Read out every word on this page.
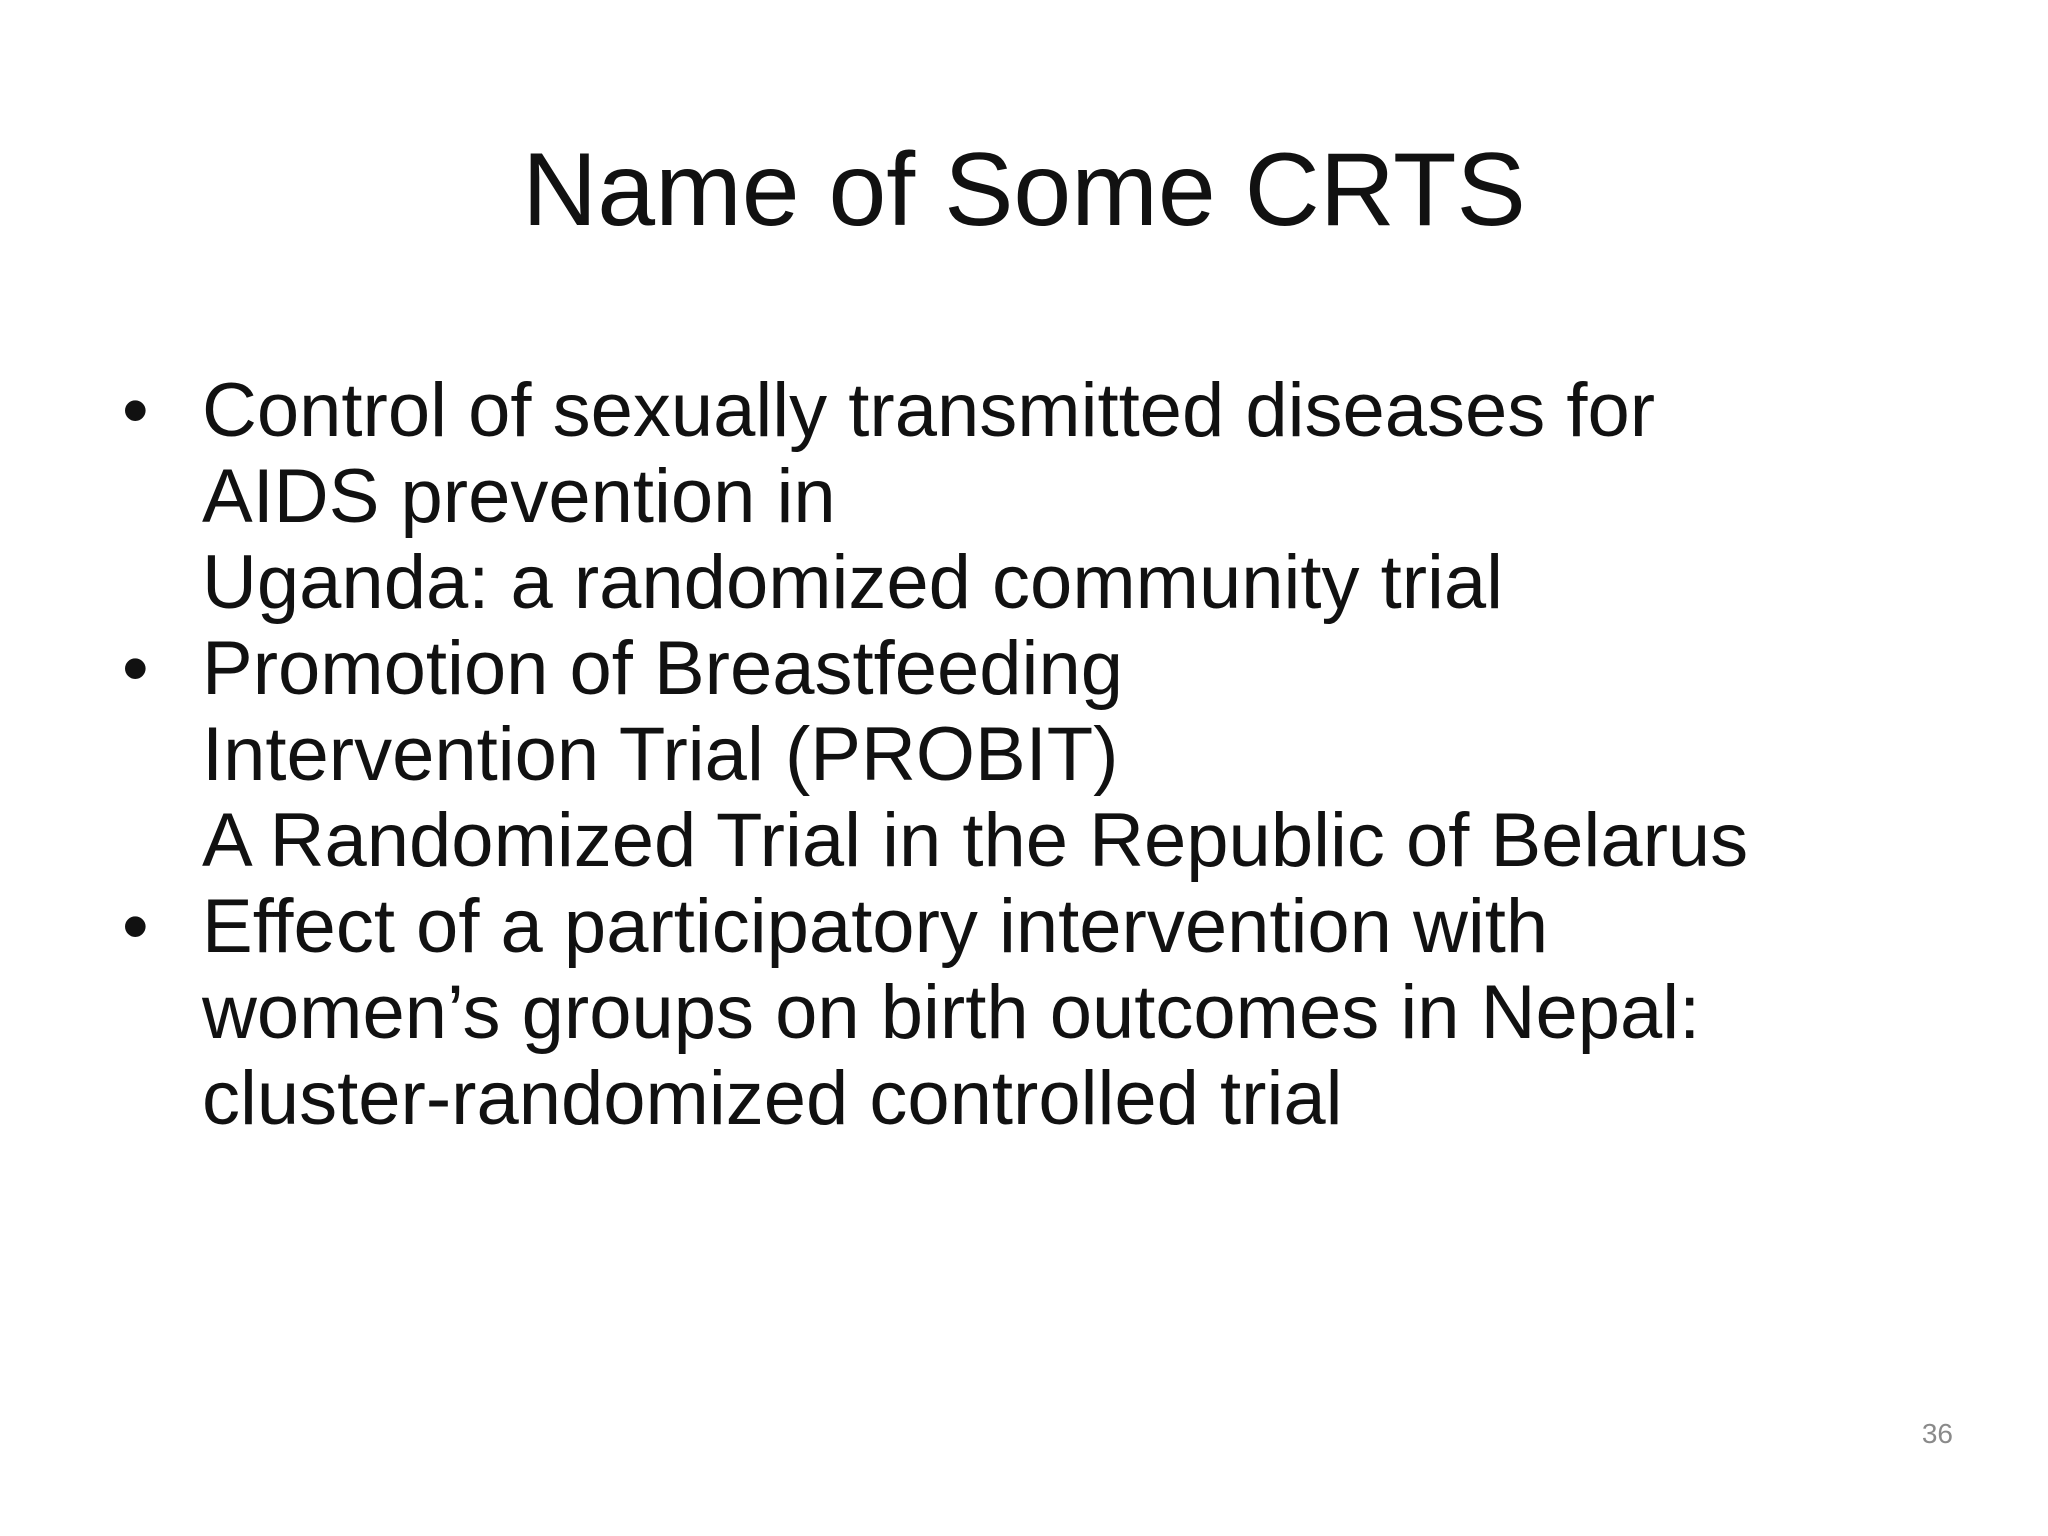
Name of Some CRTS
• Control of sexually transmitted diseases for
AIDS prevention in
Uganda: a randomized community trial
• Promotion of Breastfeeding
Intervention Trial (PROBIT)
A Randomized Trial in the Republic of Belarus
• Effect of a participatory intervention with
women’s groups on birth outcomes in Nepal:
cluster-randomized controlled trial
36
